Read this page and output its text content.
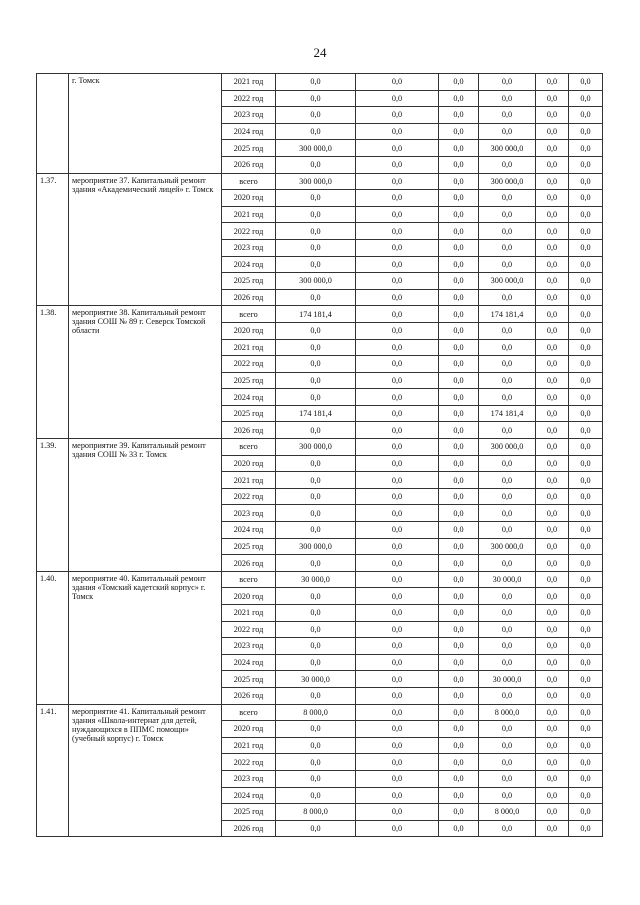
24
	г. Томск	2021 год	0,0	0,0	0,0	0,0	0,0	0,0
		2022 год	0,0	0,0	0,0	0,0	0,0	0,0
		2023 год	0,0	0,0	0,0	0,0	0,0	0,0
		2024 год	0,0	0,0	0,0	0,0	0,0	0,0
		2025 год	300 000,0	0,0	0,0	300 000,0	0,0	0,0
		2026 год	0,0	0,0	0,0	0,0	0,0	0,0
1.37.	мероприятие 37. Капитальный ремонт здания «Академический лицей» г. Томск	всего	300 000,0	0,0	0,0	300 000,0	0,0	0,0
		2020 год	0,0	0,0	0,0	0,0	0,0	0,0
		2021 год	0,0	0,0	0,0	0,0	0,0	0,0
		2022 год	0,0	0,0	0,0	0,0	0,0	0,0
		2023 год	0,0	0,0	0,0	0,0	0,0	0,0
		2024 год	0,0	0,0	0,0	0,0	0,0	0,0
		2025 год	300 000,0	0,0	0,0	300 000,0	0,0	0,0
		2026 год	0,0	0,0	0,0	0,0	0,0	0,0
1.38.	мероприятие 38. Капитальный ремонт здания СОШ № 89 г. Северск Томской области	всего	174 181,4	0,0	0,0	174 181,4	0,0	0,0
		2020 год	0,0	0,0	0,0	0,0	0,0	0,0
		2021 год	0,0	0,0	0,0	0,0	0,0	0,0
		2022 год	0,0	0,0	0,0	0,0	0,0	0,0
		2025 год	0,0	0,0	0,0	0,0	0,0	0,0
		2024 год	0,0	0,0	0,0	0,0	0,0	0,0
		2025 год	174 181,4	0,0	0,0	174 181,4	0,0	0,0
		2026 год	0,0	0,0	0,0	0,0	0,0	0,0
1.39.	мероприятие 39. Капитальный ремонт здания СОШ № 33 г. Томск	всего	300 000,0	0,0	0,0	300 000,0	0,0	0,0
		2020 год	0,0	0,0	0,0	0,0	0,0	0,0
		2021 год	0,0	0,0	0,0	0,0	0,0	0,0
		2022 год	0,0	0,0	0,0	0,0	0,0	0,0
		2023 год	0,0	0,0	0,0	0,0	0,0	0,0
		2024 год	0,0	0,0	0,0	0,0	0,0	0,0
		2025 год	300 000,0	0,0	0,0	300 000,0	0,0	0,0
		2026 год	0,0	0,0	0,0	0,0	0,0	0,0
1.40.	мероприятие 40. Капитальный ремонт здания «Томский кадетский корпус» г. Томск	всего	30 000,0	0,0	0,0	30 000,0	0,0	0,0
		2020 год	0,0	0,0	0,0	0,0	0,0	0,0
		2021 год	0,0	0,0	0,0	0,0	0,0	0,0
		2022 год	0,0	0,0	0,0	0,0	0,0	0,0
		2023 год	0,0	0,0	0,0	0,0	0,0	0,0
		2024 год	0,0	0,0	0,0	0,0	0,0	0,0
		2025 год	30 000,0	0,0	0,0	30 000,0	0,0	0,0
		2026 год	0,0	0,0	0,0	0,0	0,0	0,0
1.41.	мероприятие 41. Капитальный ремонт здания «Школа-интернат для детей, нуждающихся в ППМС помощи» (учебный корпус) г. Томск	всего	8 000,0	0,0	0,0	8 000,0	0,0	0,0
		2020 год	0,0	0,0	0,0	0,0	0,0	0,0
		2021 год	0,0	0,0	0,0	0,0	0,0	0,0
		2022 год	0,0	0,0	0,0	0,0	0,0	0,0
		2023 год	0,0	0,0	0,0	0,0	0,0	0,0
		2024 год	0,0	0,0	0,0	0,0	0,0	0,0
		2025 год	8 000,0	0,0	0,0	8 000,0	0,0	0,0
		2026 год	0,0	0,0	0,0	0,0	0,0	0,0
